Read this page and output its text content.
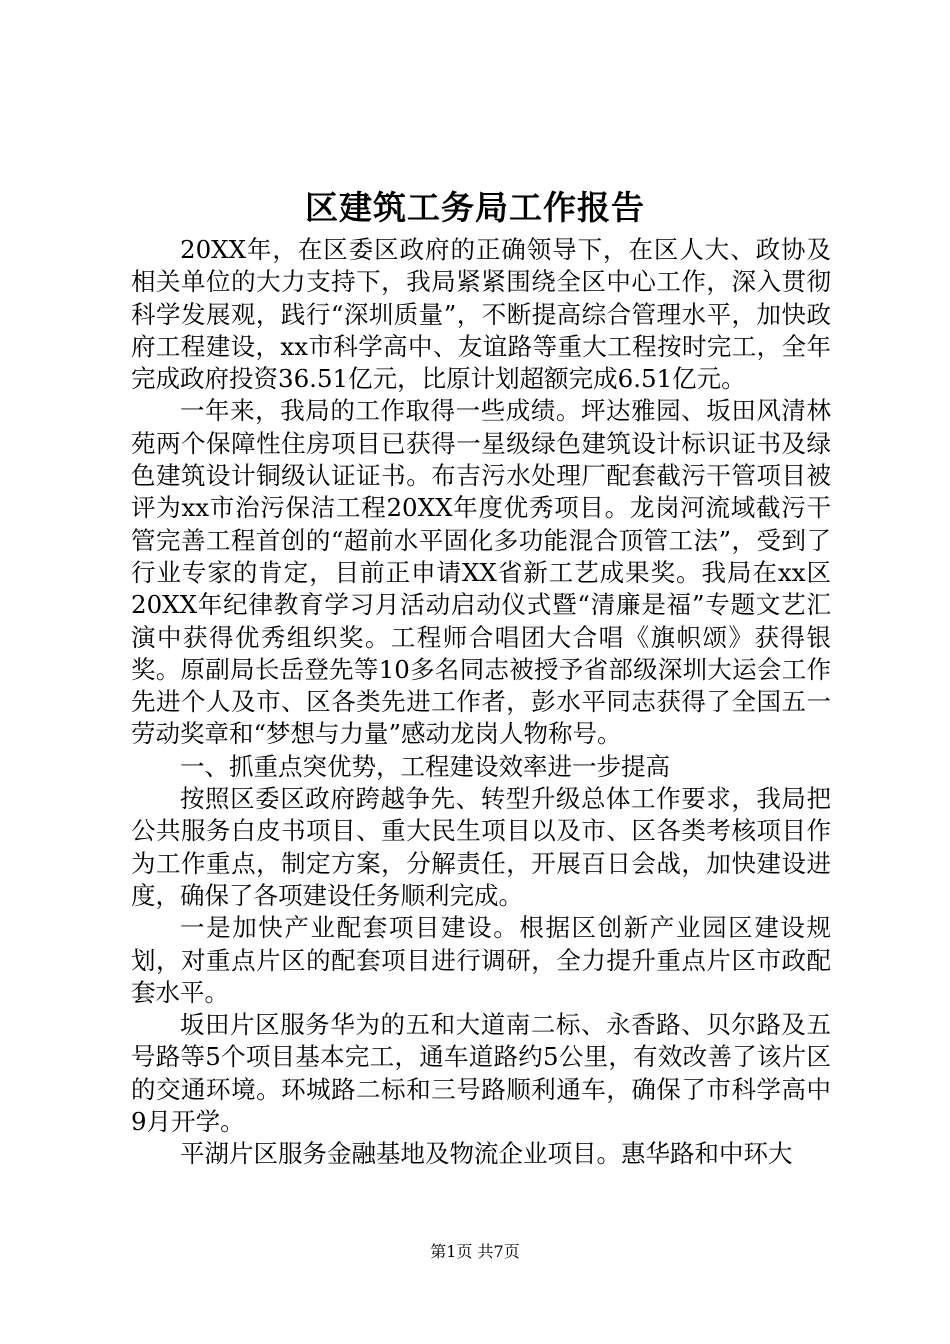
区建筑工务局工作报告

20XX年，在区委区政府的正确领导下，在区人大、政协及相关单位的大力支持下，我局紧紧围绕全区中心工作，深入贯彻科学发展观，践行“深圳质量”，不断提高综合管理水平，加快政府工程建设，xx市科学高中、友谊路等重大工程按时完工，全年完成政府投资36.51亿元，比原计划超额完成6.51亿元。

一年来，我局的工作取得一些成绩。坪达雅园、坂田风清林苑两个保障性住房项目已获得一星级绿色建筑设计标识证书及绿色建筑设计铜级认证证书。布吉污水处理厂配套截污干管项目被评为xx市治污保洁工程20XX年度优秀项目。龙岗河流域截污干管完善工程首创的“超前水平固化多功能混合顶管工法”，受到了行业专家的肯定，目前正申请XX省新工艺成果奖。我局在xx区20XX年纪律教育学习月活动启动仪式暨“清廉是福”专题文艺汇演中获得优秀组织奖。工程师合唱团大合唱《旗帜颂》获得银奖。原副局长岳登先等10多名同志被授予省部级深圳大运会工作先进个人及市、区各类先进工作者，彭水平同志获得了全国五一劳动奖章和“梦想与力量”感动龙岗人物称号。

一、抓重点突优势，工程建设效率进一步提高

按照区委区政府跨越争先、转型升级总体工作要求，我局把公共服务白皮书项目、重大民生项目以及市、区各类考核项目作为工作重点，制定方案，分解责任，开展百日会战，加快建设进度，确保了各项建设任务顺利完成。

一是加快产业配套项目建设。根据区创新产业园区建设规划，对重点片区的配套项目进行调研，全力提升重点片区市政配套水平。

坂田片区服务华为的五和大道南二标、永香路、贝尔路及五号路等5个项目基本完工，通车道路约5公里，有效改善了该片区的交通环境。环城路二标和三号路顺利通车，确保了市科学高中9月开学。

平湖片区服务金融基地及物流企业项目。惠华路和中环大

第1页 共7页
